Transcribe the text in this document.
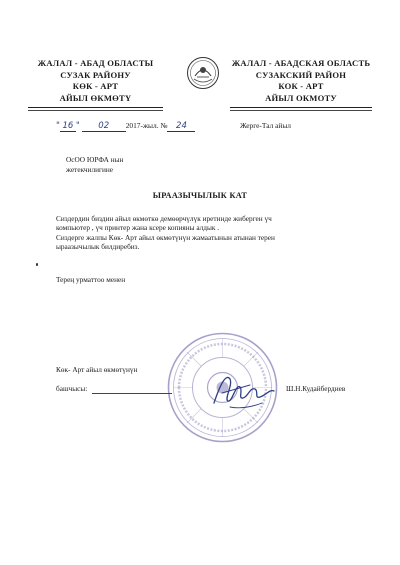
ЖАЛАЛ - АБАД ОБЛАСТЫ
СУЗАК РАЙОНУ
КӨК - АРТ
АЙЫЛ ӨКМӨТҮ
ЖАЛАЛ - АБАДСКАЯ ОБЛАСТЬ
СУЗАКСКИЙ РАЙОН
КОК - АРТ
АЙЫЛ ОКМОТУ
" 16 " 02 2017-жыл. № 24	Жерге-Тал айыл
ОсОО ЮРФА нын
жетекчилигине
ЫРААЗЫЧЫЛЫК КАТ

Сиздердин биздин айыл өкмөткө демөөрчүлүк иретинде жиберген үч

компьютер , үч принтер жана ксере копияны алдык .

Сиздерге жалпы Көк- Арт айыл өкмөтүнүн жамаатынын атынан терен

ыраазычылык билдиребиз.

Терең урматтоо менен
Көк- Арт айыл өкмөтүнүн
башчысы:	Ш.Н.Кудайбердиев
